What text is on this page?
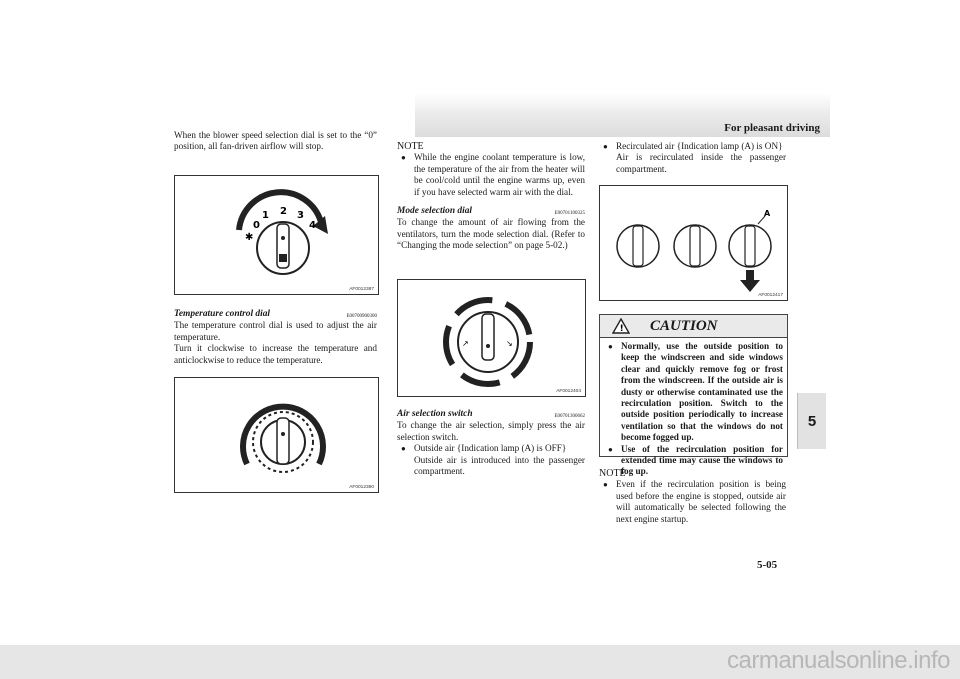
For pleasant driving
5
5-05

When the blower speed selection dial is set to the “0” position, all fan-driven airflow will stop.

0
1 2 3
4
✱
AF0012387
Temperature control dial	E00700900300

The temperature control dial is used to adjust the air temperature.

Turn it clockwise to increase the temperature and anticlockwise to reduce the temperature.

AF0012390
NOTE
● While the engine coolant temperature is low, the temperature of the air from the heater will be cool/cold until the engine warms up, even if you have selected warm air with the dial.
Mode selection dial	E00701100325

To change the amount of air flowing from the ventilators, turn the mode selection dial. (Refer to “Changing the mode selection” on page 5-02.)

↗	↘
AF0012404
Air selection switch	E00701300662

To change the air selection, simply press the air selection switch.

● Outside air {Indication lamp (A) is OFF}
Outside air is introduced into the passenger compartment.
● Recirculated air {Indication lamp (A) is ON}
Air is recirculated inside the passenger compartment.
A
AF0012417
! CAUTION
● Normally, use the outside position to keep the windscreen and side windows clear and quickly remove fog or frost from the windscreen. If the outside air is dusty or otherwise contaminated use the recirculation position. Switch to the outside position periodically to increase ventilation so that the windows do not become fogged up.
● Use of the recirculation position for extended time may cause the windows to fog up.
NOTE
● Even if the recirculation position is being used before the engine is stopped, outside air will automatically be selected following the next engine startup.
carmanualsonline.info
